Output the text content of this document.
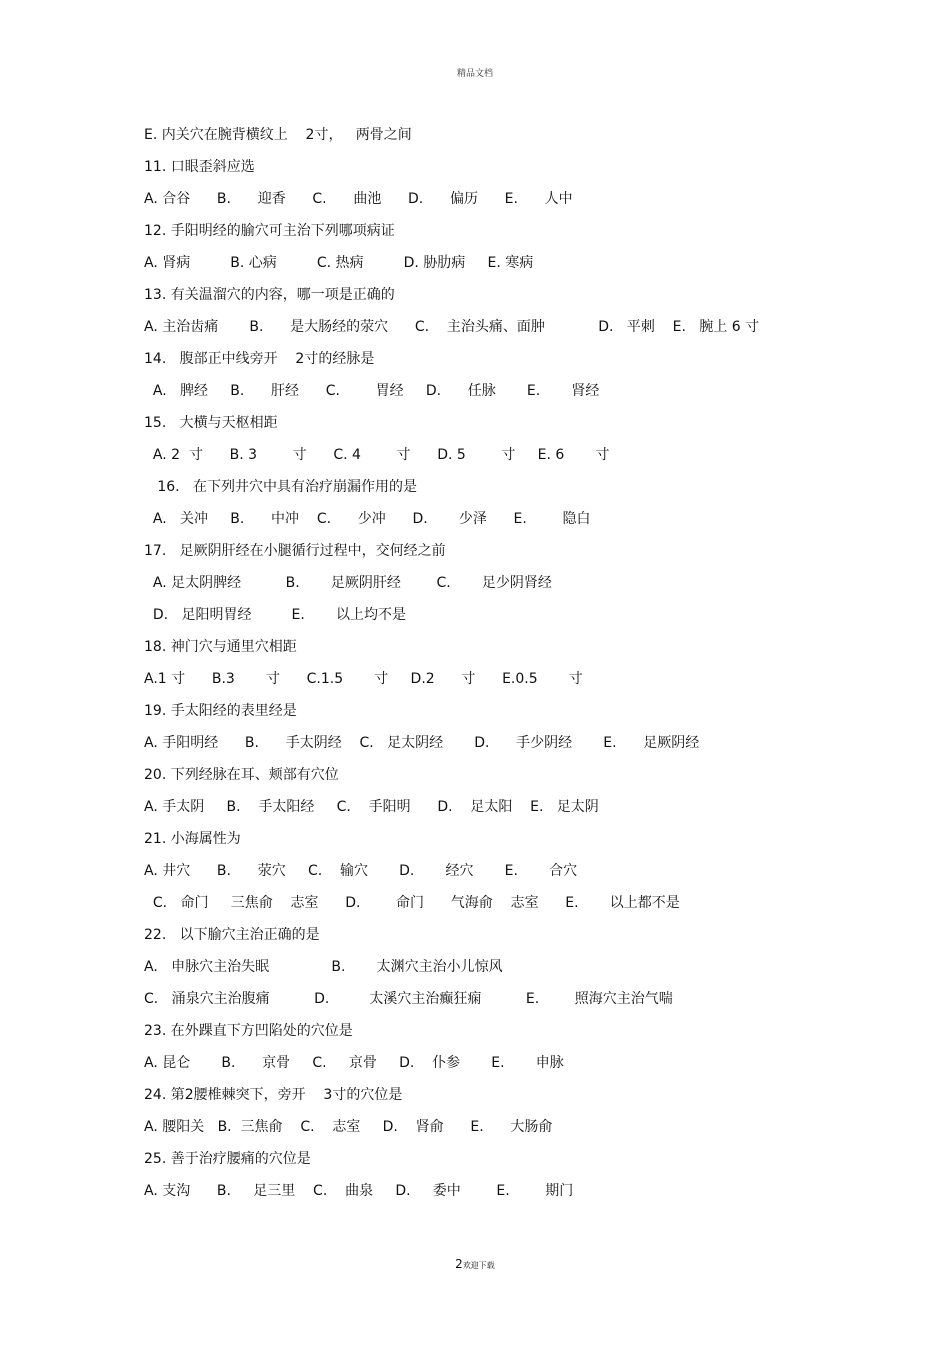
精品文档
E. 内关穴在腕背横纹上    2寸，   两骨之间
11. 口眼歪斜应选
A. 合谷      B.      迎香      C.      曲池      D.      偏历      E.      人中
12. 手阳明经的腧穴可主治下列哪项病证
A. 肾病         B. 心病         C. 热病         D. 胁肋病     E. 寒病
13. 有关温溜穴的内容，哪一项是正确的
A. 主治齿痛       B.      是大肠经的荥穴      C.    主治头痛、面肿            D.   平刺    E.   腕上 6 寸
14.   腹部正中线旁开    2寸的经脉是
A.   脾经     B.      肝经      C.        胃经     D.      任脉       E.       肾经
15.   大横与天枢相距
A. 2  寸      B. 3        寸      C. 4        寸      D. 5        寸     E. 6       寸
16.   在下列井穴中具有治疗崩漏作用的是
A.   关冲     B.      中冲    C.      少冲      D.       少泽      E.        隐白
17.   足厥阴肝经在小腿循行过程中，交何经之前
A. 足太阴脾经          B.       足厥阴肝经        C.       足少阴肾经
D.   足阳明胃经         E.       以上均不是
18. 神门穴与通里穴相距
A.1 寸      B.3       寸      C.1.5       寸     D.2      寸      E.0.5       寸
19. 手太阳经的表里经是
A. 手阳明经      B.      手太阴经    C.   足太阴经       D.      手少阴经       E.      足厥阴经
20. 下列经脉在耳、颊部有穴位
A. 手太阴     B.    手太阳经     C.    手阳明      D.    足太阳    E.   足太阴
21. 小海属性为
A. 井穴      B.      荥穴     C.    输穴       D.       经穴       E.       合穴
C.   命门     三焦俞    志室      D.        命门      气海俞    志室      E.       以上都不是
22.   以下腧穴主治正确的是
A.   申脉穴主治失眠              B.       太渊穴主治小儿惊风
C.   涌泉穴主治腹痛          D.         太溪穴主治癫狂痫          E.        照海穴主治气喘
23. 在外踝直下方凹陷处的穴位是
A. 昆仑       B.      京骨     C.     京骨     D.    仆参       E.       申脉
24. 第2腰椎棘突下，旁开    3寸的穴位是
A. 腰阳关   B.  三焦俞    C.    志室     D.    肾俞      E.      大肠俞
25. 善于治疗腰痛的穴位是
A. 支沟      B.     足三里    C.    曲泉     D.     委中        E.        期门
2欢迎下载
